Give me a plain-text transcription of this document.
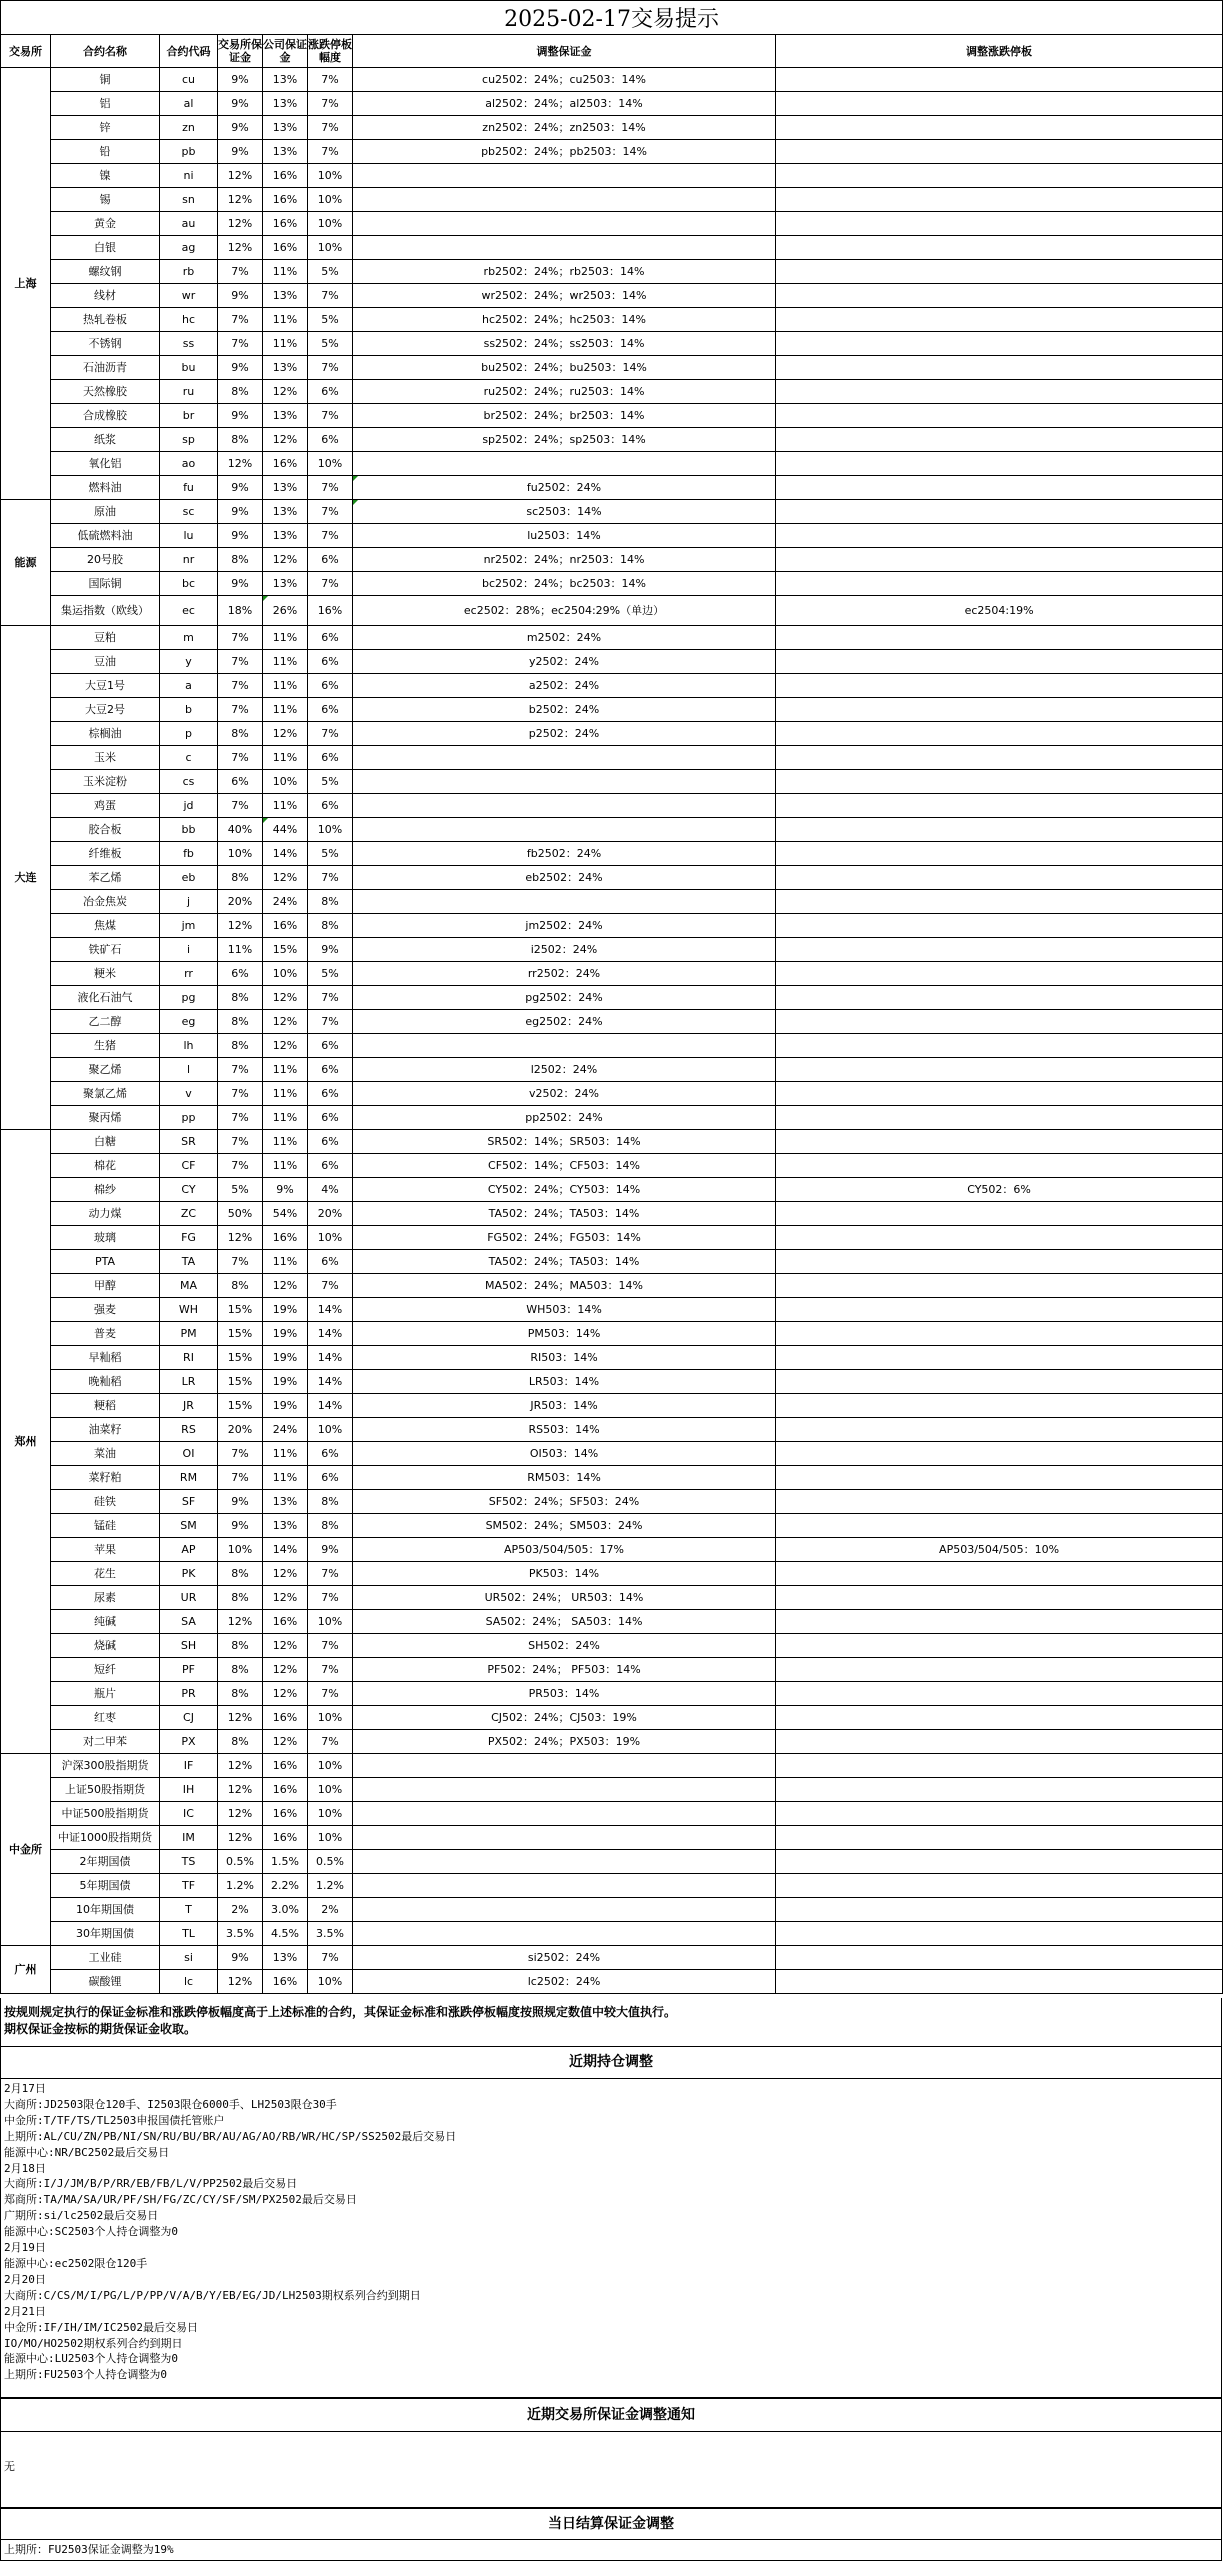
2025-02-17交易提示							
交易所	合约名称	合约代码	交易所保证金	公司保证金	涨跌停板幅度	调整保证金	调整涨跌停板
上海	铜	cu	9%	13%	7%	cu2502：24%；cu2503：14%	
	铝	al	9%	13%	7%	al2502：24%；al2503：14%	
	锌	zn	9%	13%	7%	zn2502：24%；zn2503：14%	
	铅	pb	9%	13%	7%	pb2502：24%；pb2503：14%	
	镍	ni	12%	16%	10%		
	锡	sn	12%	16%	10%		
	黄金	au	12%	16%	10%		
	白银	ag	12%	16%	10%		
	螺纹钢	rb	7%	11%	5%	rb2502：24%；rb2503：14%	
	线材	wr	9%	13%	7%	wr2502：24%；wr2503：14%	
	热轧卷板	hc	7%	11%	5%	hc2502：24%；hc2503：14%	
	不锈钢	ss	7%	11%	5%	ss2502：24%；ss2503：14%	
	石油沥青	bu	9%	13%	7%	bu2502：24%；bu2503：14%	
	天然橡胶	ru	8%	12%	6%	ru2502：24%；ru2503：14%	
	合成橡胶	br	9%	13%	7%	br2502：24%；br2503：14%	
	纸浆	sp	8%	12%	6%	sp2502：24%；sp2503：14%	
	氧化铝	ao	12%	16%	10%		
	燃料油	fu	9%	13%	7%	fu2502：24%	
能源	原油	sc	9%	13%	7%	sc2503：14%	
	低硫燃料油	lu	9%	13%	7%	lu2503：14%	
	20号胶	nr	8%	12%	6%	nr2502：24%；nr2503：14%	
	国际铜	bc	9%	13%	7%	bc2502：24%；bc2503：14%	
	集运指数（欧线）	ec	18%	26%	16%	ec2502：28%；ec2504:29%（单边）	ec2504:19%
大连	豆粕	m	7%	11%	6%	m2502：24%	
	豆油	y	7%	11%	6%	y2502：24%	
	大豆1号	a	7%	11%	6%	a2502：24%	
	大豆2号	b	7%	11%	6%	b2502：24%	
	棕榈油	p	8%	12%	7%	p2502：24%	
	玉米	c	7%	11%	6%		
	玉米淀粉	cs	6%	10%	5%		
	鸡蛋	jd	7%	11%	6%		
	胶合板	bb	40%	44%	10%		
	纤维板	fb	10%	14%	5%	fb2502：24%	
	苯乙烯	eb	8%	12%	7%	eb2502：24%	
	冶金焦炭	j	20%	24%	8%		
	焦煤	jm	12%	16%	8%	jm2502：24%	
	铁矿石	i	11%	15%	9%	i2502：24%	
	粳米	rr	6%	10%	5%	rr2502：24%	
	液化石油气	pg	8%	12%	7%	pg2502：24%	
	乙二醇	eg	8%	12%	7%	eg2502：24%	
	生猪	lh	8%	12%	6%		
	聚乙烯	l	7%	11%	6%	l2502：24%	
	聚氯乙烯	v	7%	11%	6%	v2502：24%	
	聚丙烯	pp	7%	11%	6%	pp2502：24%	
郑州	白糖	SR	7%	11%	6%	SR502：14%；SR503：14%	
	棉花	CF	7%	11%	6%	CF502：14%；CF503：14%	
	棉纱	CY	5%	9%	4%	CY502：24%；CY503：14%	CY502：6%
	动力煤	ZC	50%	54%	20%	TA502：24%；TA503：14%	
	玻璃	FG	12%	16%	10%	FG502：24%；FG503：14%	
	PTA	TA	7%	11%	6%	TA502：24%；TA503：14%	
	甲醇	MA	8%	12%	7%	MA502：24%；MA503：14%	
	强麦	WH	15%	19%	14%	WH503：14%	
	普麦	PM	15%	19%	14%	PM503：14%	
	早籼稻	RI	15%	19%	14%	RI503：14%	
	晚籼稻	LR	15%	19%	14%	LR503：14%	
	粳稻	JR	15%	19%	14%	JR503：14%	
	油菜籽	RS	20%	24%	10%	RS503：14%	
	菜油	OI	7%	11%	6%	OI503：14%	
	菜籽粕	RM	7%	11%	6%	RM503：14%	
	硅铁	SF	9%	13%	8%	SF502：24%；SF503：24%	
	锰硅	SM	9%	13%	8%	SM502：24%；SM503：24%	
	苹果	AP	10%	14%	9%	AP503/504/505：17%	AP503/504/505：10%
	花生	PK	8%	12%	7%	PK503：14%	
	尿素	UR	8%	12%	7%	UR502：24%； UR503：14%	
	纯碱	SA	12%	16%	10%	SA502：24%； SA503：14%	
	烧碱	SH	8%	12%	7%	SH502：24%	
	短纤	PF	8%	12%	7%	PF502：24%； PF503：14%	
	瓶片	PR	8%	12%	7%	PR503：14%	
	红枣	CJ	12%	16%	10%	CJ502：24%；CJ503：19%	
	对二甲苯	PX	8%	12%	7%	PX502：24%；PX503：19%	
中金所	沪深300股指期货	IF	12%	16%	10%		
	上证50股指期货	IH	12%	16%	10%		
	中证500股指期货	IC	12%	16%	10%		
	中证1000股指期货	IM	12%	16%	10%		
	2年期国债	TS	0.5%	1.5%	0.5%		
	5年期国债	TF	1.2%	2.2%	1.2%		
	10年期国债	T	2%	3.0%	2%		
	30年期国债	TL	3.5%	4.5%	3.5%		
广州	工业硅	si	9%	13%	7%	si2502：24%	
	碳酸锂	lc	12%	16%	10%	lc2502：24%	
按规则规定执行的保证金标准和涨跌停板幅度高于上述标准的合约，其保证金标准和涨跌停板幅度按照规定数值中较大值执行。
期权保证金按标的期货保证金收取。
近期持仓调整
2月17日
大商所:JD2503限仓120手、I2503限仓6000手、LH2503限仓30手
中金所:T/TF/TS/TL2503申报国债托管账户
上期所:AL/CU/ZN/PB/NI/SN/RU/BU/BR/AU/AG/AO/RB/WR/HC/SP/SS2502最后交易日
能源中心:NR/BC2502最后交易日
2月18日
大商所:I/J/JM/B/P/RR/EB/FB/L/V/PP2502最后交易日
郑商所:TA/MA/SA/UR/PF/SH/FG/ZC/CY/SF/SM/PX2502最后交易日
广期所:si/lc2502最后交易日
能源中心:SC2503个人持仓调整为0
2月19日
能源中心:ec2502限仓120手
2月20日
大商所:C/CS/M/I/PG/L/P/PP/V/A/B/Y/EB/EG/JD/LH2503期权系列合约到期日
2月21日
中金所:IF/IH/IM/IC2502最后交易日
IO/MO/HO2502期权系列合约到期日
能源中心:LU2503个人持仓调整为0
上期所:FU2503个人持仓调整为0
近期交易所保证金调整通知
无
当日结算保证金调整
上期所：FU2503保证金调整为19%
